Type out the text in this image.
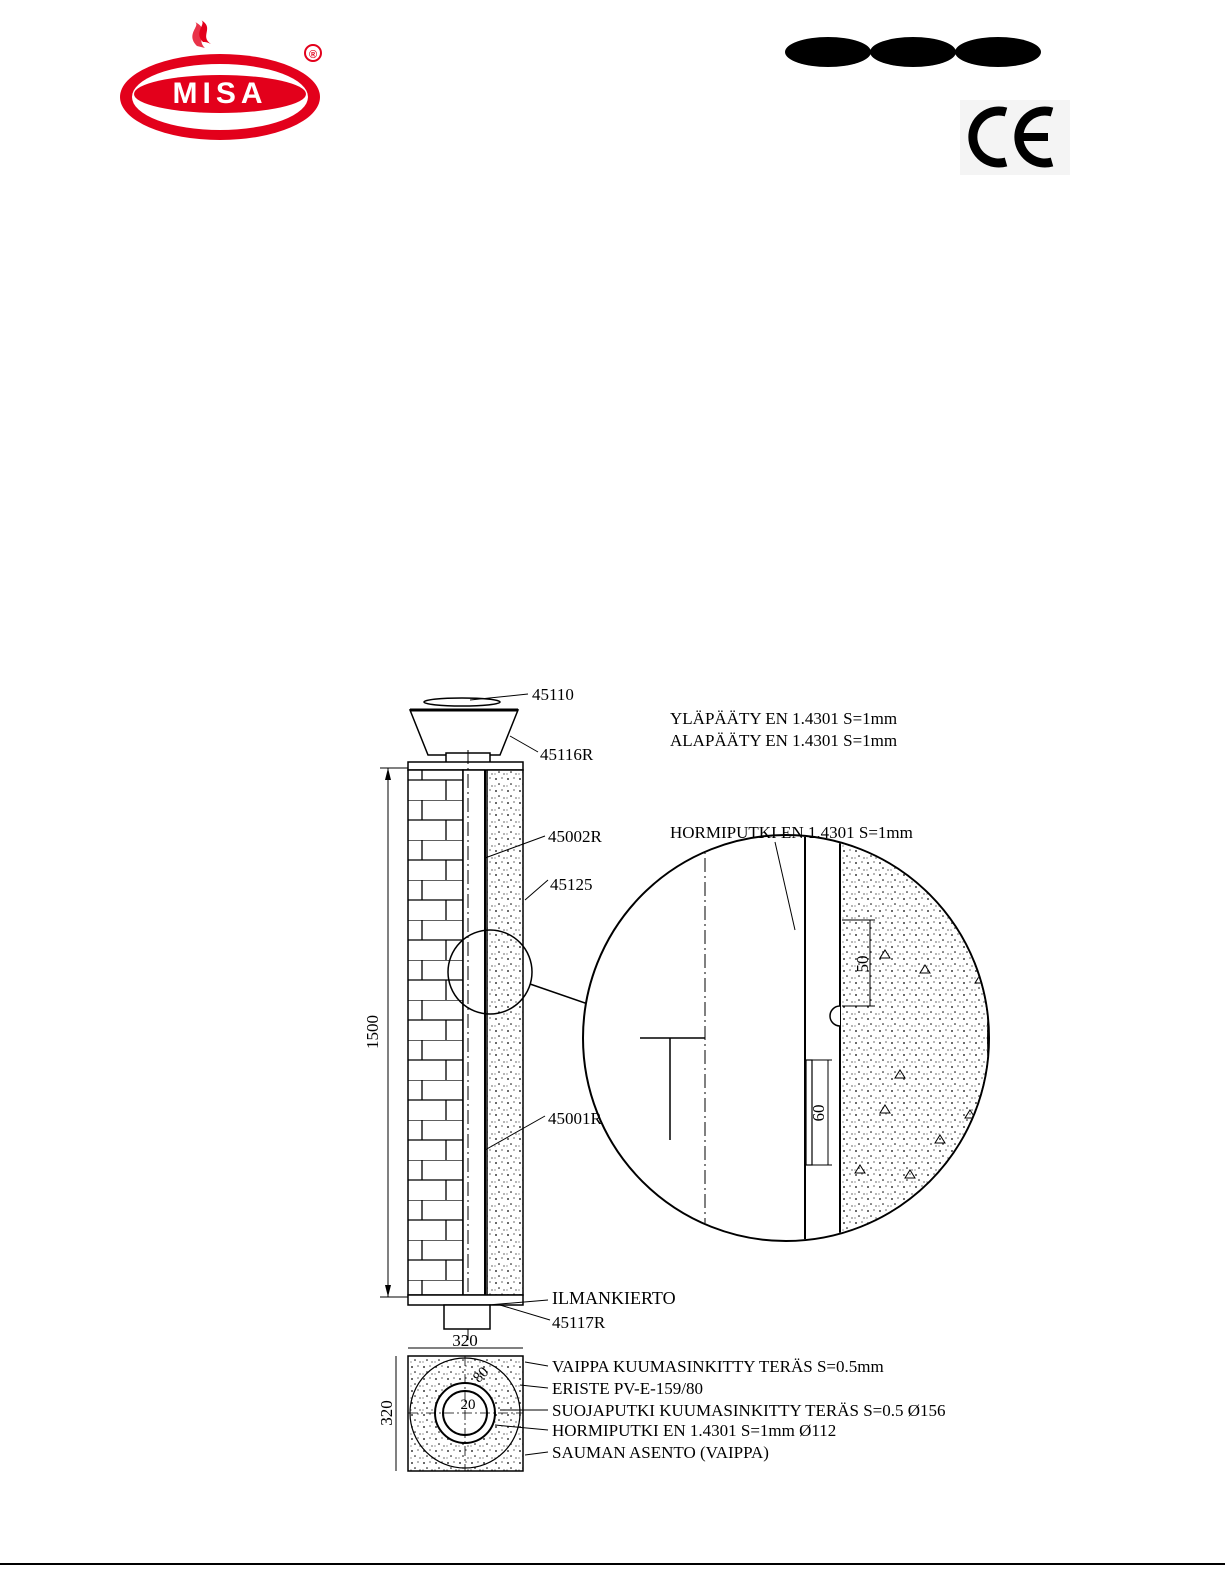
MISA
®
1500
50
60
45110
45116R
45002R
45125
45001R
45117R
ILMANKIERTO
YLÄPÄÄTY EN 1.4301 S=1mm
ALAPÄÄTY EN 1.4301 S=1mm
HORMIPUTKI EN 1.4301 S=1mm
320
320
80
20
VAIPPA KUUMASINKITTY TERÄS S=0.5mm
ERISTE PV-E-159/80
SUOJAPUTKI KUUMASINKITTY TERÄS S=0.5 Ø156
HORMIPUTKI EN 1.4301 S=1mm Ø112
SAUMAN ASENTO (VAIPPA)
